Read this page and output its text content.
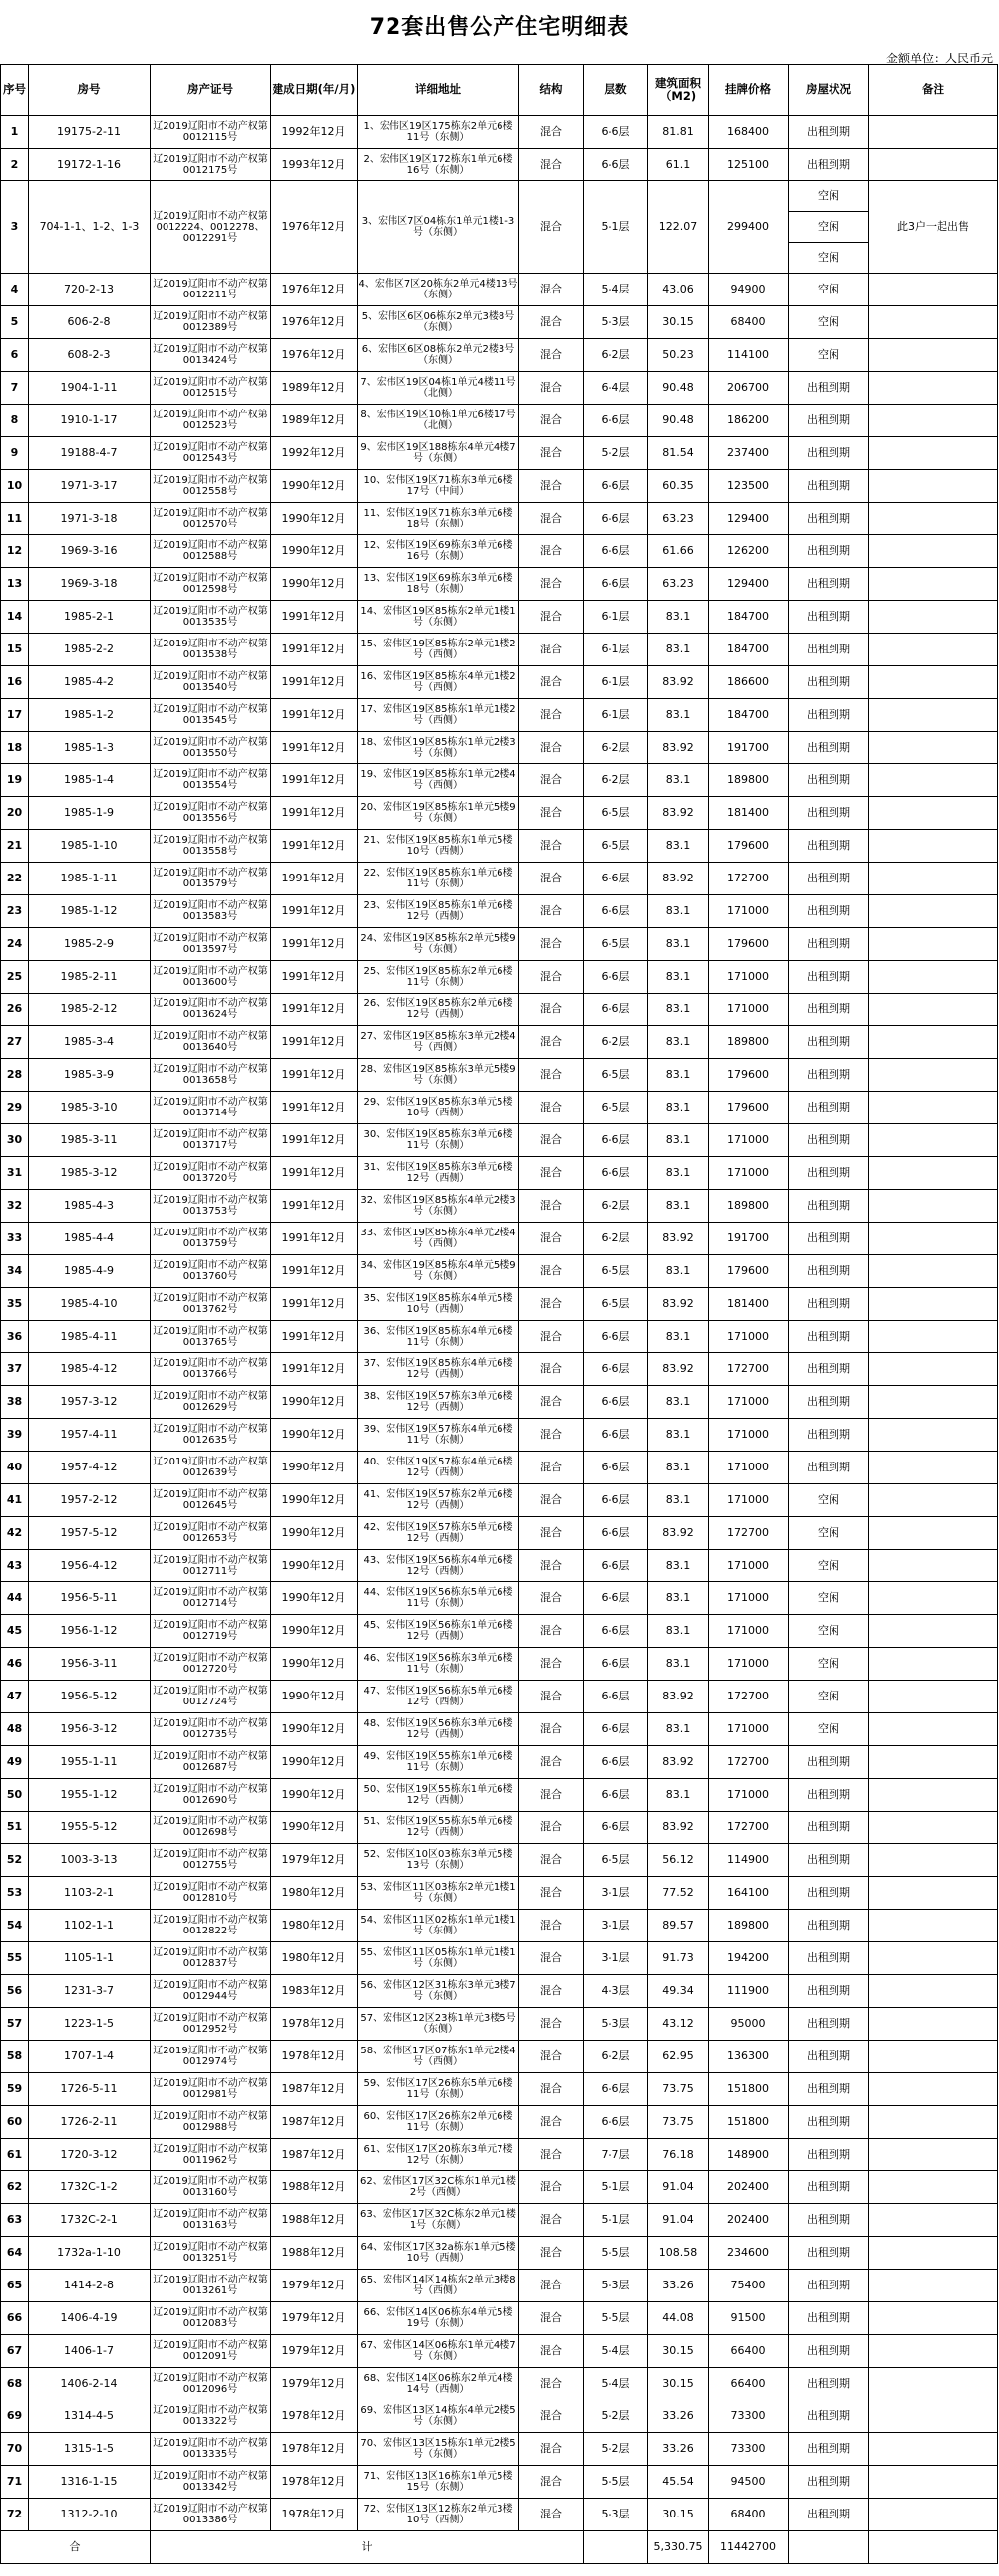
72套出售公产住宅明细表
金额单位：人民币元
序号	房号	房产证号	建成日期(年/月)	详细地址	结构	层数	建筑面积（M2)	挂牌价格	房屋状况	备注
1	19175-2-11	辽2019辽阳市不动产权第0012115号	1992年12月	1、宏伟区19区175栋东2单元6楼11号（东侧）	混合	6-6层	81.81	168400	出租到期	
2	19172-1-16	辽2019辽阳市不动产权第0012175号	1993年12月	2、宏伟区19区172栋东1单元6楼16号（东侧）	混合	6-6层	61.1	125100	出租到期	
3	704-1-1、1-2、1-3	辽2019辽阳市不动产权第0012224、0012278、0012291号	1976年12月	3、宏伟区7区04栋东1单元1楼1-3号（东侧）	混合	5-1层	122.07	299400	空闲	此3户一起出售
									空闲	
									空闲	
4	720-2-13	辽2019辽阳市不动产权第0012211号	1976年12月	4、宏伟区7区20栋东2单元4楼13号（东侧）	混合	5-4层	43.06	94900	空闲	
5	606-2-8	辽2019辽阳市不动产权第0012389号	1976年12月	5、宏伟区6区06栋东2单元3楼8号（东侧）	混合	5-3层	30.15	68400	空闲	
6	608-2-3	辽2019辽阳市不动产权第0013424号	1976年12月	6、宏伟区6区08栋东2单元2楼3号（东侧）	混合	6-2层	50.23	114100	空闲	
7	1904-1-11	辽2019辽阳市不动产权第0012515号	1989年12月	7、宏伟区19区04栋1单元4楼11号（北侧）	混合	6-4层	90.48	206700	出租到期	
8	1910-1-17	辽2019辽阳市不动产权第0012523号	1989年12月	8、宏伟区19区10栋1单元6楼17号（北侧）	混合	6-6层	90.48	186200	出租到期	
9	19188-4-7	辽2019辽阳市不动产权第0012543号	1992年12月	9、宏伟区19区188栋东4单元4楼7号（东侧）	混合	5-2层	81.54	237400	出租到期	
10	1971-3-17	辽2019辽阳市不动产权第0012558号	1990年12月	10、宏伟区19区71栋东3单元6楼17号（中间）	混合	6-6层	60.35	123500	出租到期	
11	1971-3-18	辽2019辽阳市不动产权第0012570号	1990年12月	11、宏伟区19区71栋东3单元6楼18号（东侧）	混合	6-6层	63.23	129400	出租到期	
12	1969-3-16	辽2019辽阳市不动产权第0012588号	1990年12月	12、宏伟区19区69栋东3单元6楼16号（东侧）	混合	6-6层	61.66	126200	出租到期	
13	1969-3-18	辽2019辽阳市不动产权第0012598号	1990年12月	13、宏伟区19区69栋东3单元6楼18号（东侧）	混合	6-6层	63.23	129400	出租到期	
14	1985-2-1	辽2019辽阳市不动产权第0013535号	1991年12月	14、宏伟区19区85栋东2单元1楼1号（东侧）	混合	6-1层	83.1	184700	出租到期	
15	1985-2-2	辽2019辽阳市不动产权第0013538号	1991年12月	15、宏伟区19区85栋东2单元1楼2号（西侧）	混合	6-1层	83.1	184700	出租到期	
16	1985-4-2	辽2019辽阳市不动产权第0013540号	1991年12月	16、宏伟区19区85栋东4单元1楼2号（西侧）	混合	6-1层	83.92	186600	出租到期	
17	1985-1-2	辽2019辽阳市不动产权第0013545号	1991年12月	17、宏伟区19区85栋东1单元1楼2号（西侧）	混合	6-1层	83.1	184700	出租到期	
18	1985-1-3	辽2019辽阳市不动产权第0013550号	1991年12月	18、宏伟区19区85栋东1单元2楼3号（东侧）	混合	6-2层	83.92	191700	出租到期	
19	1985-1-4	辽2019辽阳市不动产权第0013554号	1991年12月	19、宏伟区19区85栋东1单元2楼4号（西侧）	混合	6-2层	83.1	189800	出租到期	
20	1985-1-9	辽2019辽阳市不动产权第0013556号	1991年12月	20、宏伟区19区85栋东1单元5楼9号（东侧）	混合	6-5层	83.92	181400	出租到期	
21	1985-1-10	辽2019辽阳市不动产权第0013558号	1991年12月	21、宏伟区19区85栋东1单元5楼10号（西侧）	混合	6-5层	83.1	179600	出租到期	
22	1985-1-11	辽2019辽阳市不动产权第0013579号	1991年12月	22、宏伟区19区85栋东1单元6楼11号（东侧）	混合	6-6层	83.92	172700	出租到期	
23	1985-1-12	辽2019辽阳市不动产权第0013583号	1991年12月	23、宏伟区19区85栋东1单元6楼12号（西侧）	混合	6-6层	83.1	171000	出租到期	
24	1985-2-9	辽2019辽阳市不动产权第0013597号	1991年12月	24、宏伟区19区85栋东2单元5楼9号（东侧）	混合	6-5层	83.1	179600	出租到期	
25	1985-2-11	辽2019辽阳市不动产权第0013600号	1991年12月	25、宏伟区19区85栋东2单元6楼11号（东侧）	混合	6-6层	83.1	171000	出租到期	
26	1985-2-12	辽2019辽阳市不动产权第0013624号	1991年12月	26、宏伟区19区85栋东2单元6楼12号（西侧）	混合	6-6层	83.1	171000	出租到期	
27	1985-3-4	辽2019辽阳市不动产权第0013640号	1991年12月	27、宏伟区19区85栋东3单元2楼4号（西侧）	混合	6-2层	83.1	189800	出租到期	
28	1985-3-9	辽2019辽阳市不动产权第0013658号	1991年12月	28、宏伟区19区85栋东3单元5楼9号（东侧）	混合	6-5层	83.1	179600	出租到期	
29	1985-3-10	辽2019辽阳市不动产权第0013714号	1991年12月	29、宏伟区19区85栋东3单元5楼10号（西侧）	混合	6-5层	83.1	179600	出租到期	
30	1985-3-11	辽2019辽阳市不动产权第0013717号	1991年12月	30、宏伟区19区85栋东3单元6楼11号（东侧）	混合	6-6层	83.1	171000	出租到期	
31	1985-3-12	辽2019辽阳市不动产权第0013720号	1991年12月	31、宏伟区19区85栋东3单元6楼12号（西侧）	混合	6-6层	83.1	171000	出租到期	
32	1985-4-3	辽2019辽阳市不动产权第0013753号	1991年12月	32、宏伟区19区85栋东4单元2楼3号（东侧）	混合	6-2层	83.1	189800	出租到期	
33	1985-4-4	辽2019辽阳市不动产权第0013759号	1991年12月	33、宏伟区19区85栋东4单元2楼4号（西侧）	混合	6-2层	83.92	191700	出租到期	
34	1985-4-9	辽2019辽阳市不动产权第0013760号	1991年12月	34、宏伟区19区85栋东4单元5楼9号（东侧）	混合	6-5层	83.1	179600	出租到期	
35	1985-4-10	辽2019辽阳市不动产权第0013762号	1991年12月	35、宏伟区19区85栋东4单元5楼10号（西侧）	混合	6-5层	83.92	181400	出租到期	
36	1985-4-11	辽2019辽阳市不动产权第0013765号	1991年12月	36、宏伟区19区85栋东4单元6楼11号（东侧）	混合	6-6层	83.1	171000	出租到期	
37	1985-4-12	辽2019辽阳市不动产权第0013766号	1991年12月	37、宏伟区19区85栋东4单元6楼12号（西侧）	混合	6-6层	83.92	172700	出租到期	
38	1957-3-12	辽2019辽阳市不动产权第0012629号	1990年12月	38、宏伟区19区57栋东3单元6楼12号（西侧）	混合	6-6层	83.1	171000	出租到期	
39	1957-4-11	辽2019辽阳市不动产权第0012635号	1990年12月	39、宏伟区19区57栋东4单元6楼11号（东侧）	混合	6-6层	83.1	171000	出租到期	
40	1957-4-12	辽2019辽阳市不动产权第0012639号	1990年12月	40、宏伟区19区57栋东4单元6楼12号（西侧）	混合	6-6层	83.1	171000	出租到期	
41	1957-2-12	辽2019辽阳市不动产权第0012645号	1990年12月	41、宏伟区19区57栋东2单元6楼12号（西侧）	混合	6-6层	83.1	171000	空闲	
42	1957-5-12	辽2019辽阳市不动产权第0012653号	1990年12月	42、宏伟区19区57栋东5单元6楼12号（西侧）	混合	6-6层	83.92	172700	空闲	
43	1956-4-12	辽2019辽阳市不动产权第0012711号	1990年12月	43、宏伟区19区56栋东4单元6楼12号（西侧）	混合	6-6层	83.1	171000	空闲	
44	1956-5-11	辽2019辽阳市不动产权第0012714号	1990年12月	44、宏伟区19区56栋东5单元6楼11号（东侧）	混合	6-6层	83.1	171000	空闲	
45	1956-1-12	辽2019辽阳市不动产权第0012719号	1990年12月	45、宏伟区19区56栋东1单元6楼12号（西侧）	混合	6-6层	83.1	171000	空闲	
46	1956-3-11	辽2019辽阳市不动产权第0012720号	1990年12月	46、宏伟区19区56栋东3单元6楼11号（东侧）	混合	6-6层	83.1	171000	空闲	
47	1956-5-12	辽2019辽阳市不动产权第0012724号	1990年12月	47、宏伟区19区56栋东5单元6楼12号（西侧）	混合	6-6层	83.92	172700	空闲	
48	1956-3-12	辽2019辽阳市不动产权第0012735号	1990年12月	48、宏伟区19区56栋东3单元6楼12号（西侧）	混合	6-6层	83.1	171000	空闲	
49	1955-1-11	辽2019辽阳市不动产权第0012687号	1990年12月	49、宏伟区19区55栋东1单元6楼11号（东侧）	混合	6-6层	83.92	172700	出租到期	
50	1955-1-12	辽2019辽阳市不动产权第0012690号	1990年12月	50、宏伟区19区55栋东1单元6楼12号（西侧）	混合	6-6层	83.1	171000	出租到期	
51	1955-5-12	辽2019辽阳市不动产权第0012698号	1990年12月	51、宏伟区19区55栋东5单元6楼12号（西侧）	混合	6-6层	83.92	172700	出租到期	
52	1003-3-13	辽2019辽阳市不动产权第0012755号	1979年12月	52、宏伟区10区03栋东3单元5楼13号（东侧）	混合	6-5层	56.12	114900	出租到期	
53	1103-2-1	辽2019辽阳市不动产权第0012810号	1980年12月	53、宏伟区11区03栋东2单元1楼1号（东侧）	混合	3-1层	77.52	164100	出租到期	
54	1102-1-1	辽2019辽阳市不动产权第0012822号	1980年12月	54、宏伟区11区02栋东1单元1楼1号（东侧）	混合	3-1层	89.57	189800	出租到期	
55	1105-1-1	辽2019辽阳市不动产权第0012837号	1980年12月	55、宏伟区11区05栋东1单元1楼1号（东侧）	混合	3-1层	91.73	194200	出租到期	
56	1231-3-7	辽2019辽阳市不动产权第0012944号	1983年12月	56、宏伟区12区31栋东3单元3楼7号（东侧）	混合	4-3层	49.34	111900	出租到期	
57	1223-1-5	辽2019辽阳市不动产权第0012952号	1978年12月	57、宏伟区12区23栋1单元3楼5号（东侧）	混合	5-3层	43.12	95000	出租到期	
58	1707-1-4	辽2019辽阳市不动产权第0012974号	1978年12月	58、宏伟区17区07栋东1单元2楼4号（西侧）	混合	6-2层	62.95	136300	出租到期	
59	1726-5-11	辽2019辽阳市不动产权第0012981号	1987年12月	59、宏伟区17区26栋东5单元6楼11号（东侧）	混合	6-6层	73.75	151800	出租到期	
60	1726-2-11	辽2019辽阳市不动产权第0012988号	1987年12月	60、宏伟区17区26栋东2单元6楼11号（东侧）	混合	6-6层	73.75	151800	出租到期	
61	1720-3-12	辽2019辽阳市不动产权第0011962号	1987年12月	61、宏伟区17区20栋东3单元7楼12号（东侧）	混合	7-7层	76.18	148900	出租到期	
62	1732C-1-2	辽2019辽阳市不动产权第0013160号	1988年12月	62、宏伟区17区32C栋东1单元1楼2号（西侧）	混合	5-1层	91.04	202400	出租到期	
63	1732C-2-1	辽2019辽阳市不动产权第0013163号	1988年12月	63、宏伟区17区32C栋东2单元1楼1号（东侧）	混合	5-1层	91.04	202400	出租到期	
64	1732a-1-10	辽2019辽阳市不动产权第0013251号	1988年12月	64、宏伟区17区32a栋东1单元5楼10号（西侧）	混合	5-5层	108.58	234600	出租到期	
65	1414-2-8	辽2019辽阳市不动产权第0013261号	1979年12月	65、宏伟区14区14栋东2单元3楼8号（西侧）	混合	5-3层	33.26	75400	出租到期	
66	1406-4-19	辽2019辽阳市不动产权第0012083号	1979年12月	66、宏伟区14区06栋东4单元5楼19号（东侧）	混合	5-5层	44.08	91500	出租到期	
67	1406-1-7	辽2019辽阳市不动产权第0012091号	1979年12月	67、宏伟区14区06栋东1单元4楼7号（东侧）	混合	5-4层	30.15	66400	出租到期	
68	1406-2-14	辽2019辽阳市不动产权第0012096号	1979年12月	68、宏伟区14区06栋东2单元4楼14号（西侧）	混合	5-4层	30.15	66400	出租到期	
69	1314-4-5	辽2019辽阳市不动产权第0013322号	1978年12月	69、宏伟区13区14栋东4单元2楼5号（东侧）	混合	5-2层	33.26	73300	出租到期	
70	1315-1-5	辽2019辽阳市不动产权第0013335号	1978年12月	70、宏伟区13区15栋东1单元2楼5号（东侧）	混合	5-2层	33.26	73300	出租到期	
71	1316-1-15	辽2019辽阳市不动产权第0013342号	1978年12月	71、宏伟区13区16栋东1单元5楼15号（东侧）	混合	5-5层	45.54	94500	出租到期	
72	1312-2-10	辽2019辽阳市不动产权第0013386号	1978年12月	72、宏伟区13区12栋东2单元3楼10号（西侧）	混合	5-3层	30.15	68400	出租到期	
合		计					5,330.75	11442700		
